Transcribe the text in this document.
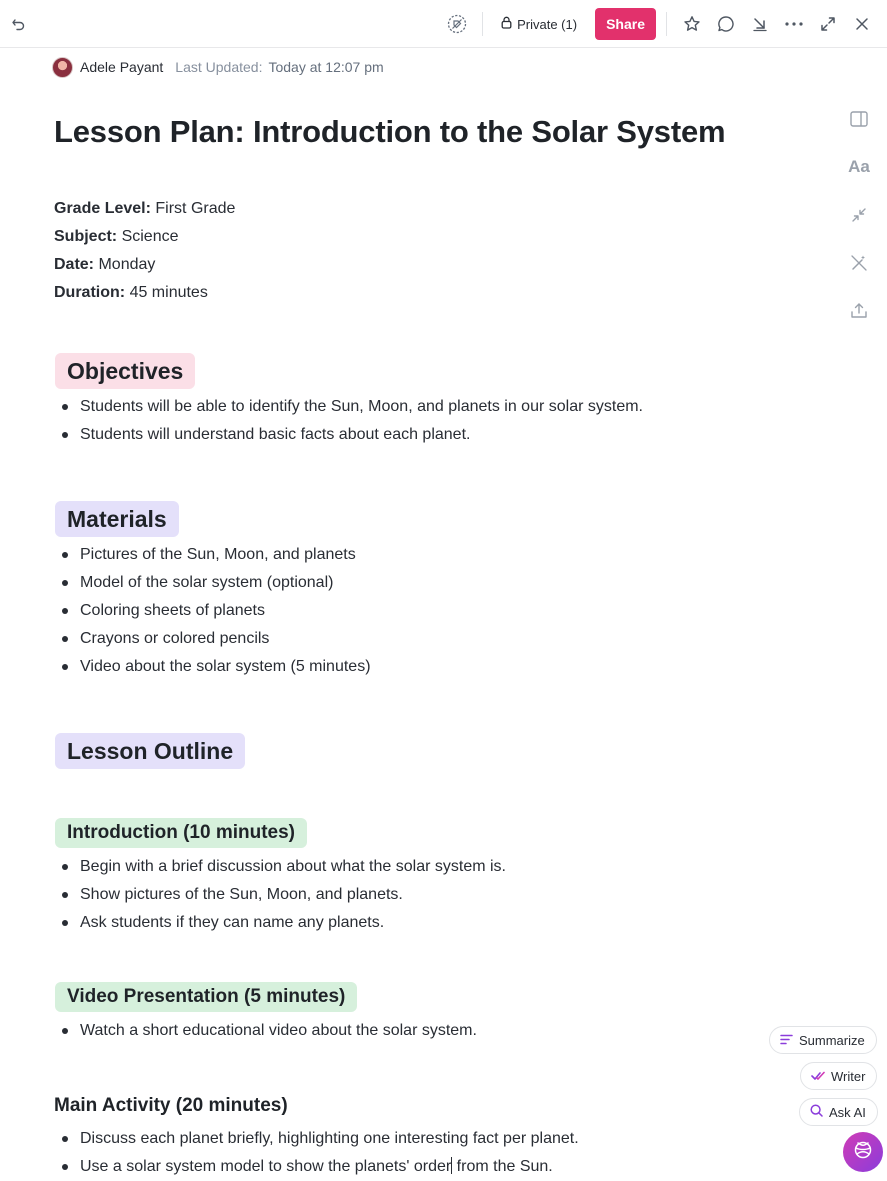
Private (1)	Share
Adele Payant Last Updated: Today at 12:07 pm
Aa
Lesson Plan: Introduction to the Solar System
Grade Level: First Grade
Subject: Science
Date: Monday
Duration: 45 minutes
Objectives
Students will be able to identify the Sun, Moon, and planets in our solar system.
Students will understand basic facts about each planet.
Materials
Pictures of the Sun, Moon, and planets
Model of the solar system (optional)
Coloring sheets of planets
Crayons or colored pencils
Video about the solar system (5 minutes)
Lesson Outline
Introduction (10 minutes)
Begin with a brief discussion about what the solar system is.
Show pictures of the Sun, Moon, and planets.
Ask students if they can name any planets.
Video Presentation (5 minutes)
Watch a short educational video about the solar system.
Main Activity (20 minutes)
Discuss each planet briefly, highlighting one interesting fact per planet.
Use a solar system model to show the planets' order from the Sun.
Summarize
Writer
Ask AI
